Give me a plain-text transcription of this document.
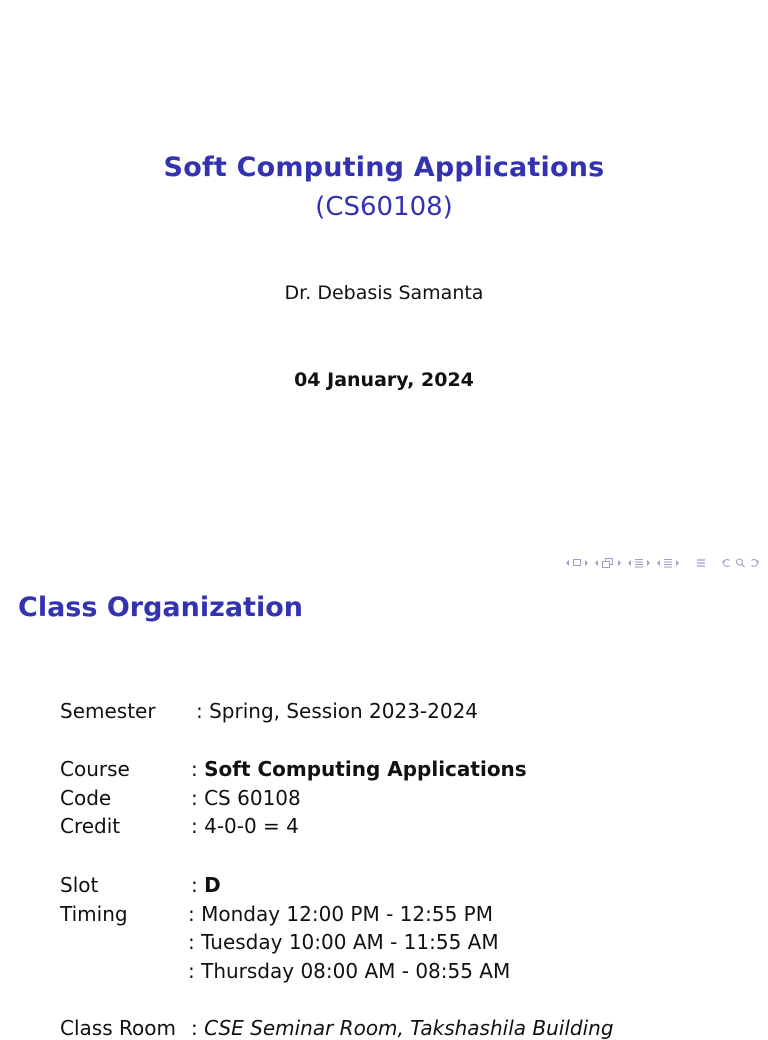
Soft Computing Applications
(CS60108)
Dr. Debasis Samanta
04 January, 2024
Class Organization
Semester : Spring, Session 2023-2024
Course	: Soft Computing Applications
Code	: CS 60108
Credit	: 4-0-0 = 4
Slot	: D
Timing	: Monday 12:00 PM - 12:55 PM
: Tuesday 10:00 AM - 11:55 AM
: Thursday 08:00 AM - 08:55 AM
Class Room : CSE Seminar Room, Takshashila Building
